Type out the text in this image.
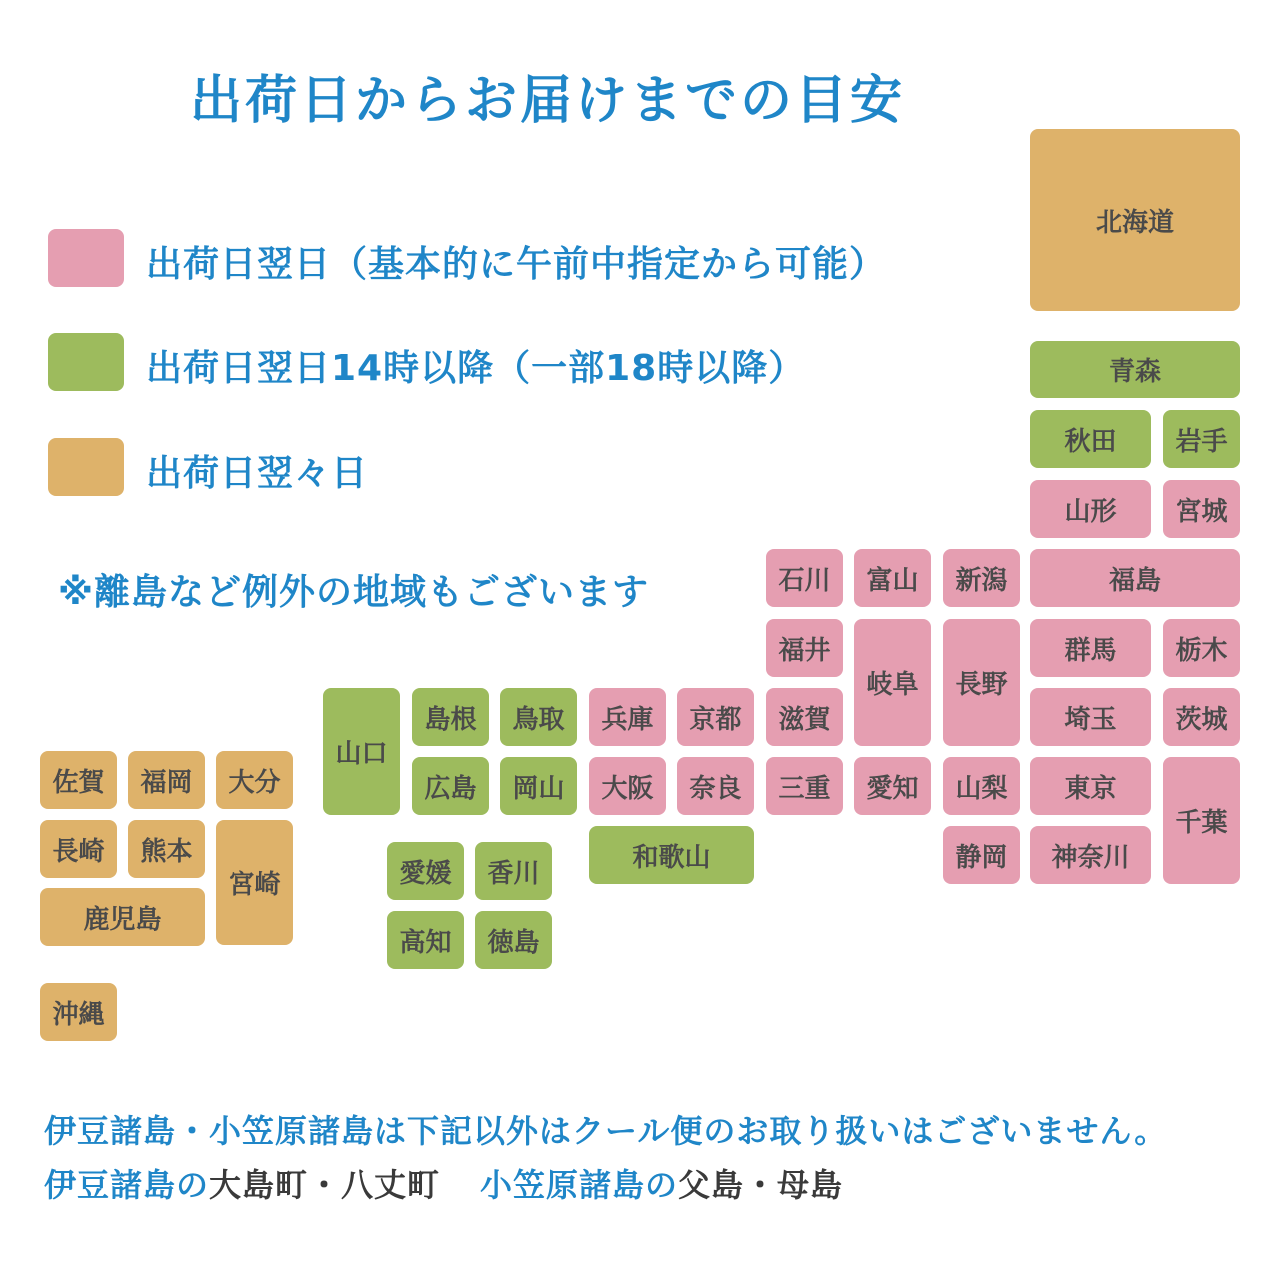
出荷日からお届けまでの目安
出荷日翌日（基本的に午前中指定から可能）
出荷日翌日14時以降（一部18時以降）
出荷日翌々日
※離島など例外の地域もございます
北海道
青森
秋田	岩手
山形	宮城
石川	富山	新潟	福島
福井
岐阜	長野
群馬	栃木
山口
島根	鳥取	兵庫	京都	滋賀	埼玉	茨城
佐賀	福岡	大分	広島	岡山	大阪	奈良	三重	愛知	山梨	東京
千葉
長崎	熊本
宮崎
和歌山	静岡	神奈川
愛媛	香川
鹿児島
高知	徳島
沖縄
伊豆諸島・小笠原諸島は下記以外はクール便のお取り扱いはございません。
伊豆諸島の大島町・八丈町 小笠原諸島の父島・母島
